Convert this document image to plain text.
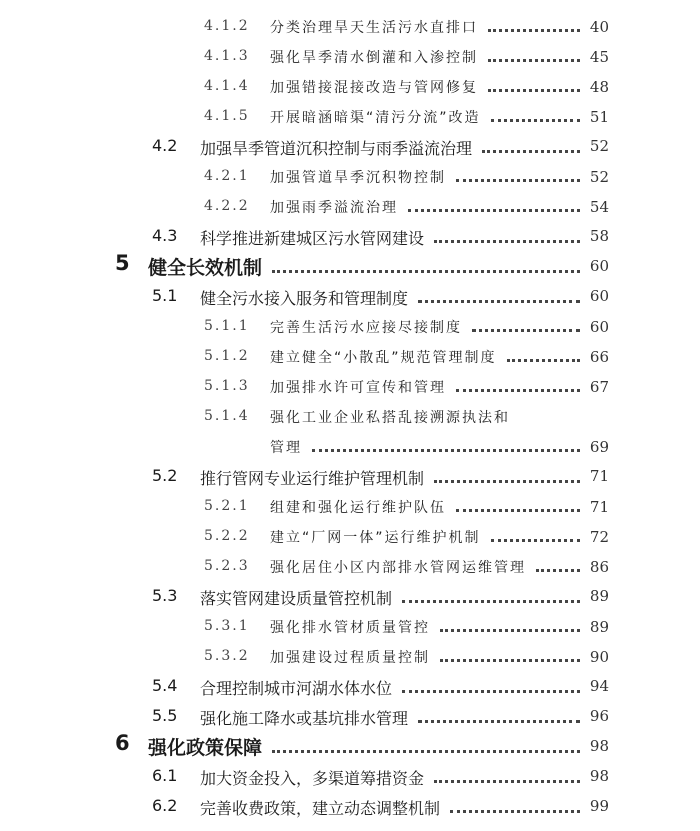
4.1.2 分类治理旱天生活污水直排口	40
4.1.3 强化旱季清水倒灌和入渗控制	45
4.1.4 加强错接混接改造与管网修复	48
4.1.5 开展暗涵暗渠“清污分流”改造	51
4.2 加强旱季管道沉积控制与雨季溢流治理	52
4.2.1 加强管道旱季沉积物控制	52
4.2.2 加强雨季溢流治理	54
4.3 科学推进新建城区污水管网建设	58
5 健全长效机制	60
5.1 健全污水接入服务和管理制度	60
5.1.1 完善生活污水应接尽接制度	60
5.1.2 建立健全“小散乱”规范管理制度	66
5.1.3 加强排水许可宣传和管理	67
5.1.4 强化工业企业私搭乱接溯源执法和
管理	69
5.2 推行管网专业运行维护管理机制	71
5.2.1 组建和强化运行维护队伍	71
5.2.2 建立“厂网一体”运行维护机制	72
5.2.3 强化居住小区内部排水管网运维管理	86
5.3 落实管网建设质量管控机制	89
5.3.1 强化排水管材质量管控	89
5.3.2 加强建设过程质量控制	90
5.4 合理控制城市河湖水体水位	94
5.5 强化施工降水或基坑排水管理	96
6 强化政策保障	98
6.1 加大资金投入，多渠道筹措资金	98
6.2 完善收费政策，建立动态调整机制	99
